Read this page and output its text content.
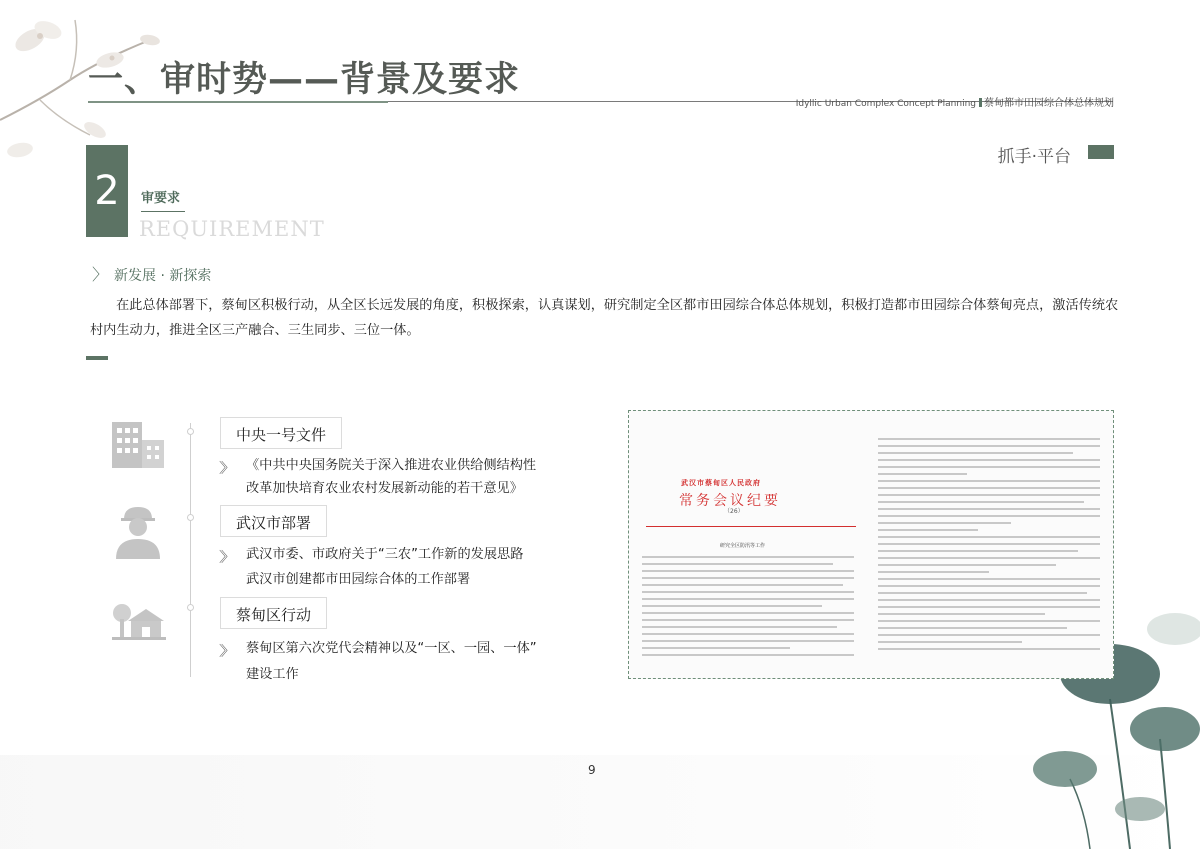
一、审时势——背景及要求
Idyllic Urban Complex Concept Planning 蔡甸都市田园综合体总体规划
抓手·平台
2	审要求
REQUIREMENT
〉 新发展 · 新探索
在此总体部署下，蔡甸区积极行动，从全区长远发展的角度，积极探索，认真谋划，研究制定全区都市田园综合体总体规划，积极打造都市田园综合体蔡甸亮点，激活传统农村内生动力，推进全区三产融合、三生同步、三位一体。
中央一号文件
〉〉 《中共中央国务院关于深入推进农业供给侧结构性
改革加快培育农业农村发展新动能的若干意见》
武汉市部署
〉〉 武汉市委、市政府关于“三农”工作新的发展思路
武汉市创建都市田园综合体的工作部署
蔡甸区行动
〉〉 蔡甸区第六次党代会精神以及“一区、一园、一体”
建设工作
武汉市蔡甸区人民政府
常务会议纪要
（26）
研究全区防汛等工作
9
